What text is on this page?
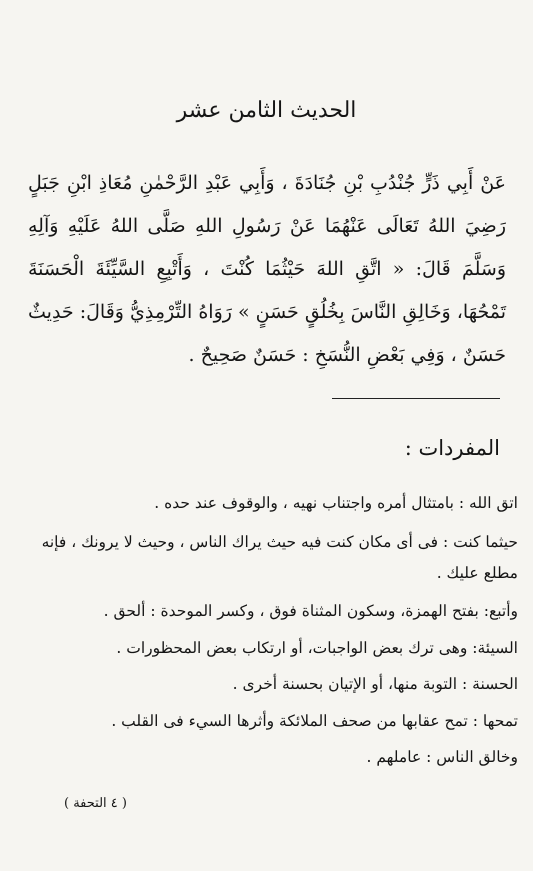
الحديث الثامن عشر
عَنْ أَبِي ذَرٍّ جُنْدُبِ بْنِ جُنَادَةَ ، وَأَبِي عَبْدِ الرَّحْمٰنِ مُعَاذِ ابْنِ جَبَلٍ رَضِيَ اللهُ تَعَالَى عَنْهُمَا عَنْ رَسُولِ اللهِ صَلَّى اللهُ عَلَيْهِ وَآلِهِ وَسَلَّمَ قَالَ: « اتَّقِ اللهَ حَيْثُمَا كُنْتَ ، وَأَتْبِعِ السَّيِّئَةَ الْحَسَنَةَ تَمْحُهَا، وَخَالِقِ النَّاسَ بِخُلُقٍ حَسَنٍ » رَوَاهُ التِّرْمِذِيُّ وَقَالَ: حَدِيثٌ حَسَنٌ ، وَفِي بَعْضِ النُّسَخِ : حَسَنٌ صَحِيحٌ .
المفردات :
اتق الله : بامتثال أمره واجتناب نهيه ، والوقوف عند حده .
حيثما كنت : فى أى مكان كنت فيه حيث يراك الناس ، وحيث لا يرونك ، فإنه مطلع عليك .
وأتبع: بفتح الهمزة، وسكون المثناة فوق ، وكسر الموحدة : ألحق .
السيئة: وهى ترك بعض الواجبات، أو ارتكاب بعض المحظورات .
الحسنة : التوبة منها، أو الإتيان بحسنة أخرى .
تمحها : تمح عقابها من صحف الملائكة وأثرها السيء فى القلب .
وخالق الناس : عاملهم .
( ٤ التحفة )
